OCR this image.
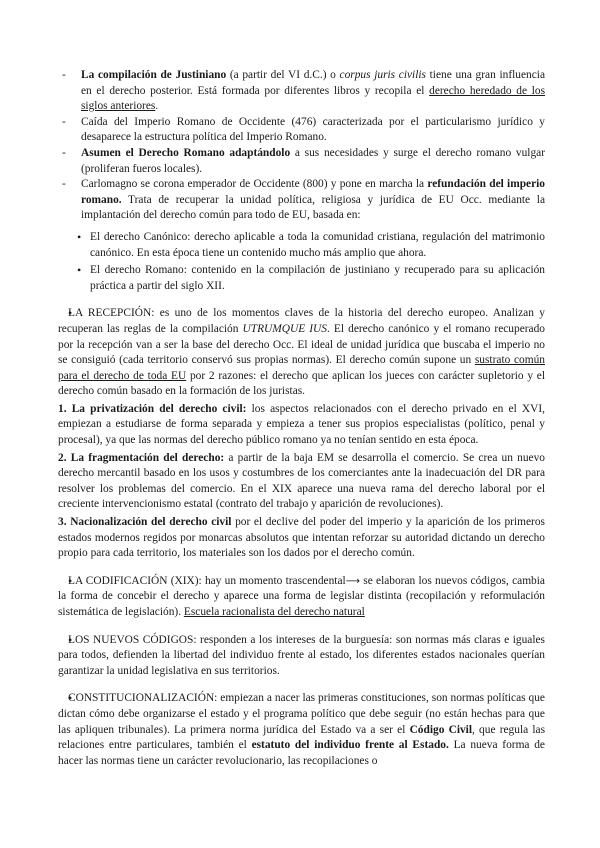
- La compilación de Justiniano (a partir del VI d.C.) o corpus juris civilis tiene una gran influencia en el derecho posterior. Está formada por diferentes libros y recopila el derecho heredado de los siglos anteriores.

- Caída del Imperio Romano de Occidente (476) caracterizada por el particularismo jurídico y desaparece la estructura política del Imperio Romano.

- Asumen el Derecho Romano adaptándolo a sus necesidades y surge el derecho romano vulgar (proliferan fueros locales).

- Carlomagno se corona emperador de Occidente (800) y pone en marcha la refundación del imperio romano. Trata de recuperar la unidad política, religiosa y jurídica de EU Occ. mediante la implantación del derecho común para todo de EU, basada en:

• El derecho Canónico: derecho aplicable a toda la comunidad cristiana, regulación del matrimonio canónico. En esta época tiene un contenido mucho más amplio que ahora.

• El derecho Romano: contenido en la compilación de justiniano y recuperado para su aplicación práctica a partir del siglo XII.

• LA RECEPCIÓN: es uno de los momentos claves de la historia del derecho europeo. Analizan y recuperan las reglas de la compilación UTRUMQUE IUS. El derecho canónico y el romano recuperado por la recepción van a ser la base del derecho Occ. El ideal de unidad jurídica que buscaba el imperio no se consiguió (cada territorio conservó sus propias normas). El derecho común supone un sustrato común para el derecho de toda EU por 2 razones: el derecho que aplican los jueces con carácter supletorio y el derecho común basado en la formación de los juristas.

1. La privatización del derecho civil: los aspectos relacionados con el derecho privado en el XVI, empiezan a estudiarse de forma separada y empieza a tener sus propios especialistas (político, penal y procesal), ya que las normas del derecho público romano ya no tenían sentido en esta época.

2. La fragmentación del derecho: a partir de la baja EM se desarrolla el comercio. Se crea un nuevo derecho mercantil basado en los usos y costumbres de los comerciantes ante la inadecuación del DR para resolver los problemas del comercio. En el XIX aparece una nueva rama del derecho laboral por el creciente intervencionismo estatal (contrato del trabajo y aparición de revoluciones).

3. Nacionalización del derecho civil por el declive del poder del imperio y la aparición de los primeros estados modernos regidos por monarcas absolutos que intentan reforzar su autoridad dictando un derecho propio para cada territorio, los materiales son los dados por el derecho común.

• LA CODIFICACIÓN (XIX): hay un momento trascendental⟶ se elaboran los nuevos códigos, cambia la forma de concebir el derecho y aparece una forma de legislar distinta (recopilación y reformulación sistemática de legislación). Escuela racionalista del derecho natural

• LOS NUEVOS CÓDIGOS: responden a los intereses de la burguesía: son normas más claras e iguales para todos, defienden la libertad del individuo frente al estado, los diferentes estados nacionales querían garantizar la unidad legislativa en sus territorios.

• CONSTITUCIONALIZACIÓN: empiezan a nacer las primeras constituciones, son normas políticas que dictan cómo debe organizarse el estado y el programa político que debe seguir (no están hechas para que las apliquen tribunales). La primera norma jurídica del Estado va a ser el Código Civil, que regula las relaciones entre particulares, también el estatuto del individuo frente al Estado. La nueva forma de hacer las normas tiene un carácter revolucionario, las recopilaciones o
